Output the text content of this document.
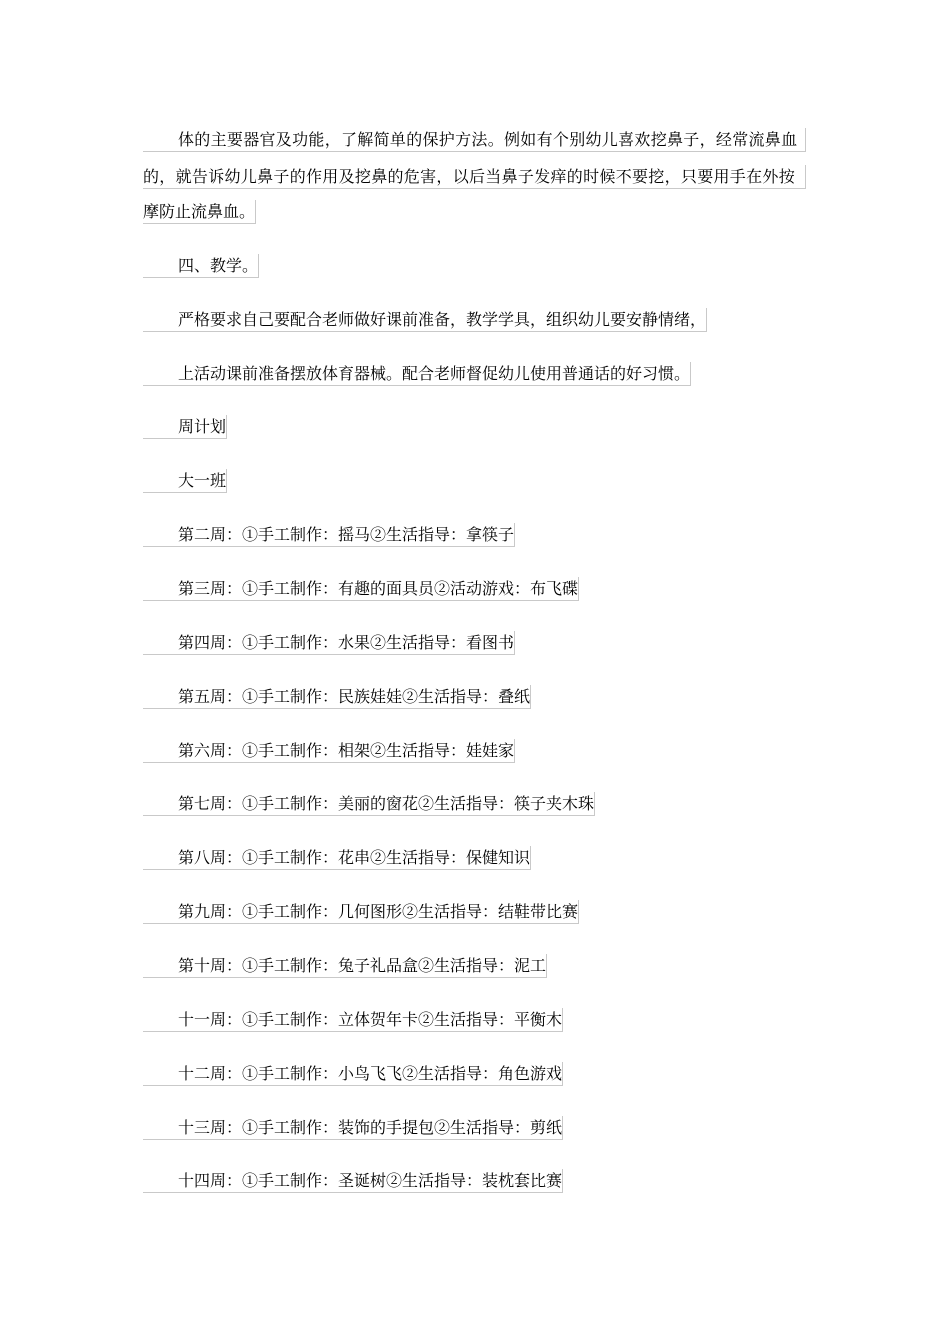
体的主要器官及功能，了解简单的保护方法。例如有个别幼儿喜欢挖鼻子，经常流鼻血
的，就告诉幼儿鼻子的作用及挖鼻的危害，以后当鼻子发痒的时候不要挖，只要用手在外按
摩防止流鼻血。
四、教学。
严格要求自己要配合老师做好课前准备，教学学具，组织幼儿要安静情绪，
上活动课前准备摆放体育器械。配合老师督促幼儿使用普通话的好习惯。
周计划
大一班
第二周：①手工制作：摇马②生活指导：拿筷子
第三周：①手工制作：有趣的面具员②活动游戏：布飞碟
第四周：①手工制作：水果②生活指导：看图书
第五周：①手工制作：民族娃娃②生活指导：叠纸
第六周：①手工制作：相架②生活指导：娃娃家
第七周：①手工制作：美丽的窗花②生活指导：筷子夹木珠
第八周：①手工制作：花串②生活指导：保健知识
第九周：①手工制作：几何图形②生活指导：结鞋带比赛
第十周：①手工制作：兔子礼品盒②生活指导：泥工
十一周：①手工制作：立体贺年卡②生活指导：平衡木
十二周：①手工制作：小鸟飞飞②生活指导：角色游戏
十三周：①手工制作：装饰的手提包②生活指导：剪纸
十四周：①手工制作：圣诞树②生活指导：装枕套比赛
